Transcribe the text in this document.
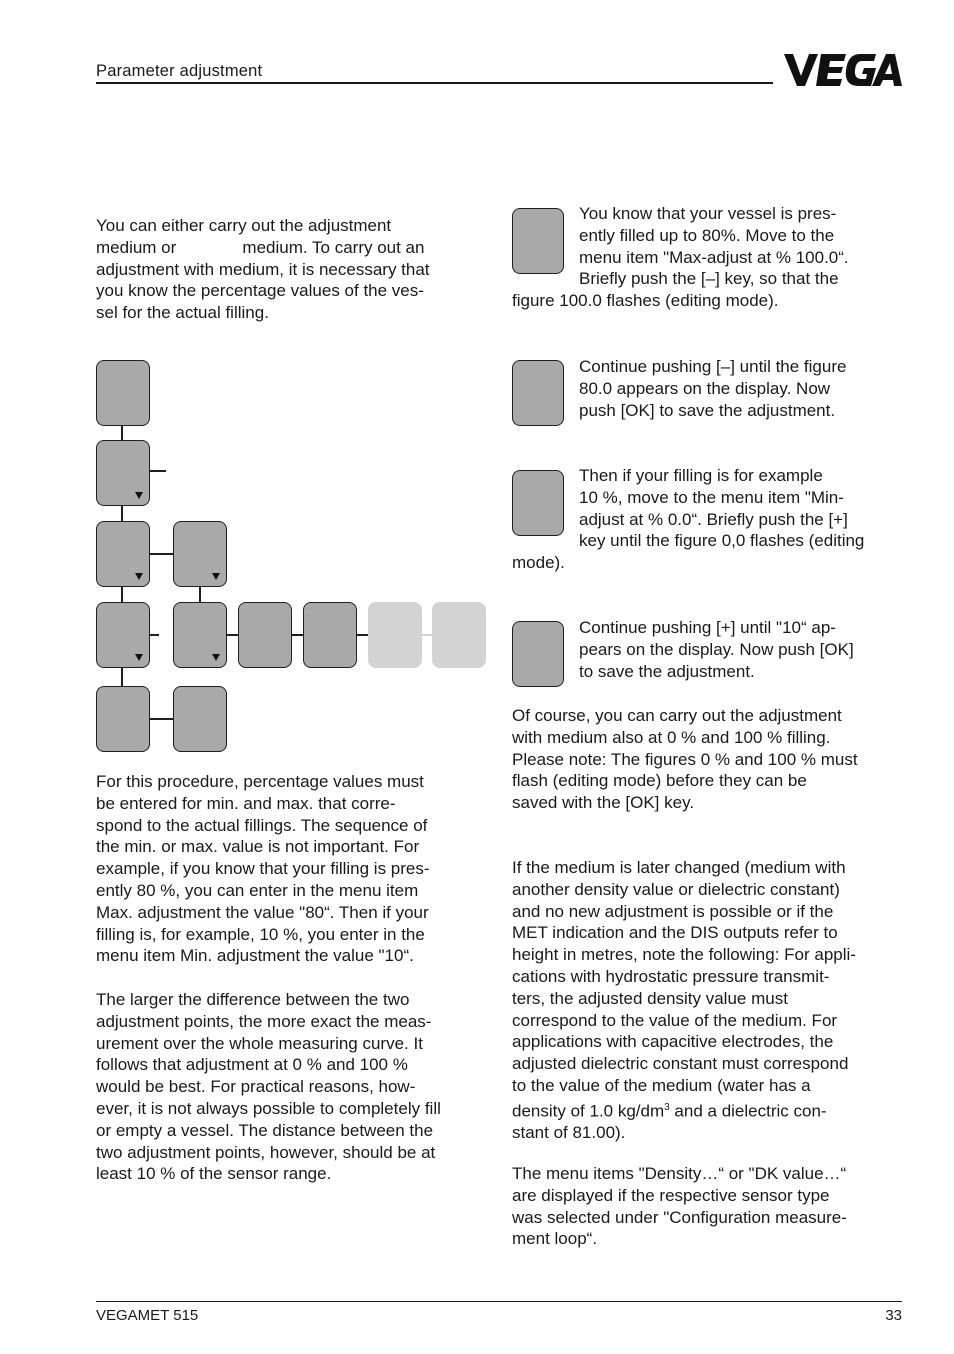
Parameter adjustment
You can either carry out the adjustment
medium or              medium. To carry out an
adjustment with medium, it is necessary that
you know the percentage values of the ves-
sel for the actual filling.
For this procedure, percentage values must
be entered for min. and max. that corre-
spond to the actual fillings. The sequence of
the min. or max. value is not important. For
example, if you know that your filling is pres-
ently 80 %, you can enter in the menu item
Max. adjustment the value "80“. Then if your
filling is, for example, 10 %, you enter in the
menu item Min. adjustment the value "10“.
The larger the difference between the two
adjustment points, the more exact the meas-
urement over the whole measuring curve. It
follows that adjustment at 0 % and 100 %
would be best. For practical reasons, how-
ever, it is not always possible to completely fill
or empty a vessel. The distance between the
two adjustment points, however, should be at
least 10 % of the sensor range.
You know that your vessel is pres-
ently filled up to 80%. Move to the
menu item "Max-adjust at % 100.0“.
Briefly push the [–] key, so that the
figure 100.0 flashes (editing mode).
Continue pushing [–] until the figure
80.0 appears on the display. Now
push [OK] to save the adjustment.
Then if your filling is for example
10 %, move to the menu item "Min-
adjust at % 0.0“. Briefly push the [+]
key until the figure 0,0 flashes (editing
mode).
Continue pushing [+] until "10“ ap-
pears on the display. Now push [OK]
to save the adjustment.
Of course, you can carry out the adjustment
with medium also at 0 % and 100 % filling.
Please note: The figures 0 % and 100 % must
flash (editing mode) before they can be
saved with the [OK] key.
If the medium is later changed (medium with
another density value or dielectric constant)
and no new adjustment is possible or if the
MET indication and the DIS outputs refer to
height in metres, note the following: For appli-
cations with hydrostatic pressure transmit-
ters, the adjusted density value must
correspond to the value of the medium. For
applications with capacitive electrodes, the
adjusted dielectric constant must correspond
to the value of the medium (water has a
density of 1.0 $kg/dm^3$ and a dielectric con-
stant of 81.00).
The menu items "Density…“ or "DK value…“
are displayed if the respective sensor type
was selected under "Configuration measure-
ment loop“.
VEGAMET 515	33
